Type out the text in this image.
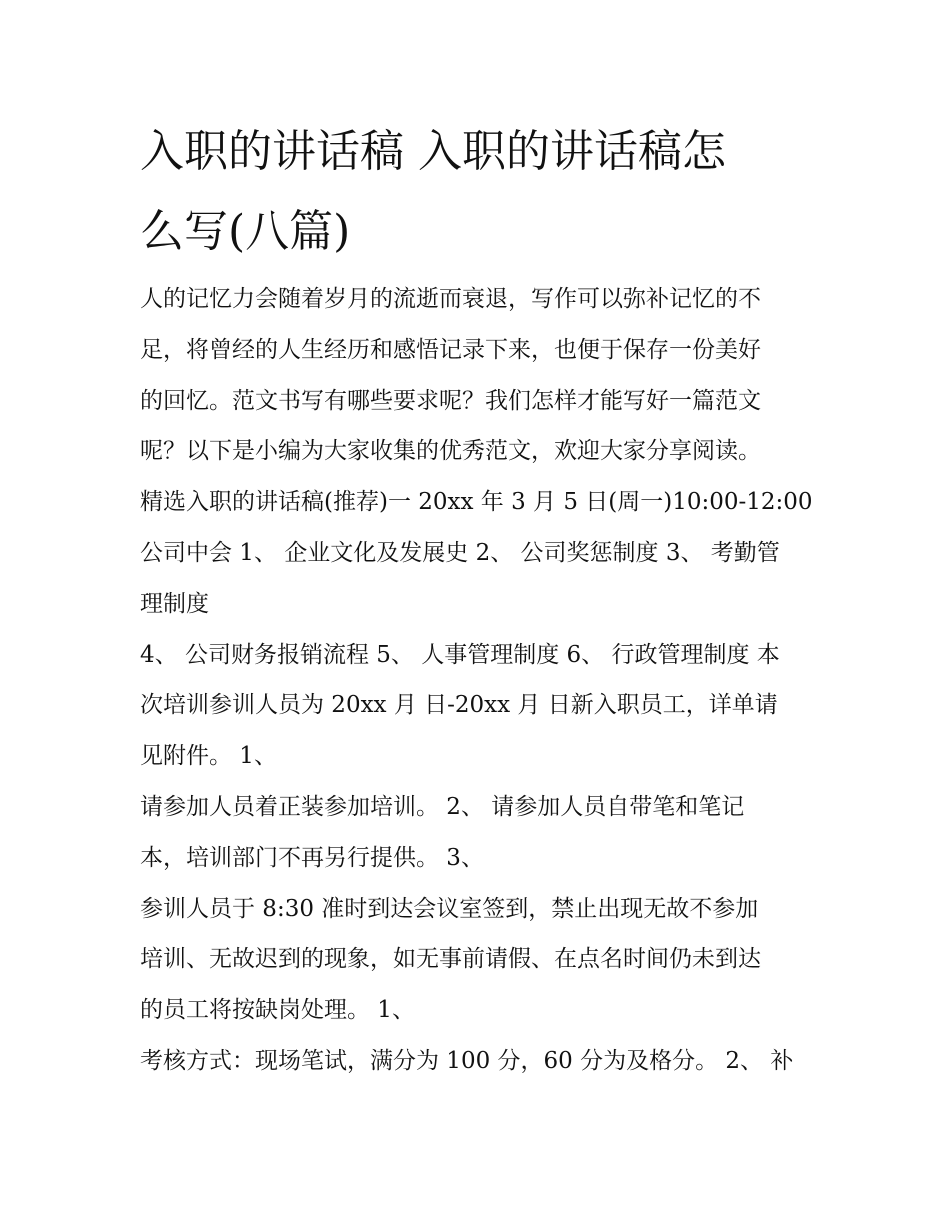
入职的讲话稿 入职的讲话稿怎
么写(八篇)
人的记忆力会随着岁月的流逝而衰退，写作可以弥补记忆的不
足，将曾经的人生经历和感悟记录下来，也便于保存一份美好
的回忆。范文书写有哪些要求呢？我们怎样才能写好一篇范文
呢？以下是小编为大家收集的优秀范文，欢迎大家分享阅读。
精选入职的讲话稿(推荐)一 20xx 年 3 月 5 日(周一)10:00-12:00
公司中会 1、 企业文化及发展史 2、 公司奖惩制度 3、 考勤管
理制度
4、 公司财务报销流程 5、 人事管理制度 6、 行政管理制度 本
次培训参训人员为 20xx 月 日-20xx 月 日新入职员工，详单请
见附件。 1、
请参加人员着正装参加培训。 2、 请参加人员自带笔和笔记
本，培训部门不再另行提供。 3、
参训人员于 8:30 准时到达会议室签到，禁止出现无故不参加
培训、无故迟到的现象，如无事前请假、在点名时间仍未到达
的员工将按缺岗处理。 1、
考核方式：现场笔试，满分为 100 分，60 分为及格分。 2、 补
